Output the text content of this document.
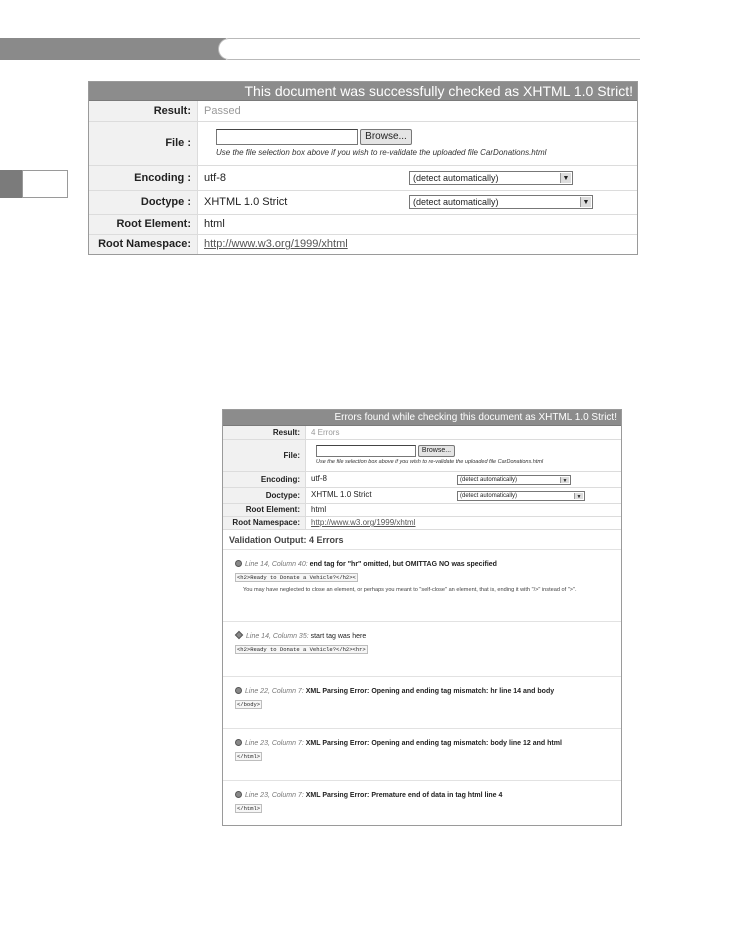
This document was successfully checked as XHTML 1.0 Strict!
Result:	Passed
File :	Browse...
Use the file selection box above if you wish to re-validate the uploaded file CarDonations.html

Encoding :	utf-8 (detect automatically) ▼

Doctype :	XHTML 1.0 Strict (detect automatically) ▼

Root Element:	html
Root Namespace:	http://www.w3.org/1999/xhtml
Errors found while checking this document as XHTML 1.0 Strict!
Result:	4 Errors
File:	Browse...
Use the file selection box above if you wish to re-validate the uploaded file CarDonations.html

Encoding:	utf-8 (detect automatically) ▼

Doctype:	XHTML 1.0 Strict (detect automatically) ▼

Root Element:	html
Root Namespace:	http://www.w3.org/1999/xhtml
Validation Output: 4 Errors
Line 14, Column 40: end tag for "hr" omitted, but OMITTAG NO was specified
<h2>Ready to Donate a Vehicle?</h2><
You may have neglected to close an element, or perhaps you meant to "self-close" an element, that is, ending it with "/>" instead of ">".
Line 14, Column 35: start tag was here
<h2>Ready to Donate a Vehicle?</h2><hr>
Line 22, Column 7: XML Parsing Error: Opening and ending tag mismatch: hr line 14 and body
</body>
Line 23, Column 7: XML Parsing Error: Opening and ending tag mismatch: body line 12 and html
</html>
Line 23, Column 7: XML Parsing Error: Premature end of data in tag html line 4
</html>
